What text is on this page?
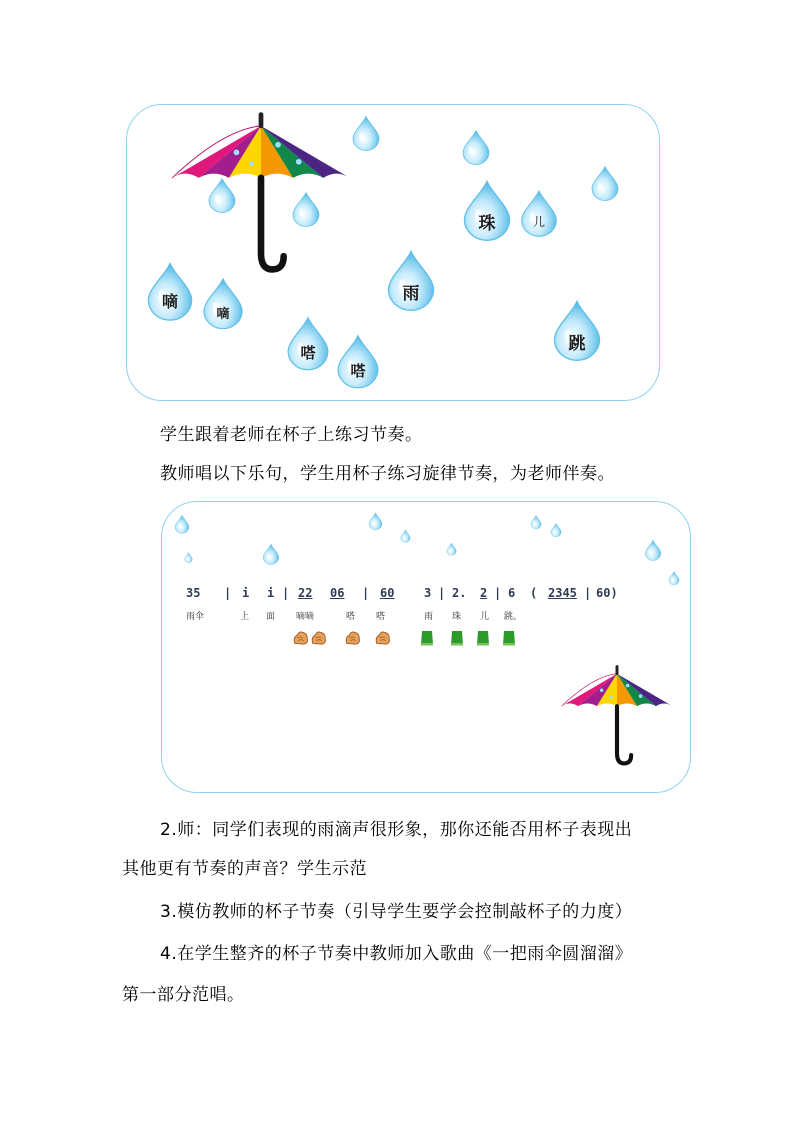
珠	儿
雨
嘀
嘀
跳
嗒
嗒
学生跟着老师在杯子上练习节奏。
教师唱以下乐句，学生用杯子练习旋律节奏，为老师伴奏。
35 | i i | 22 06 | 60 3 | 2. 2 | 6 ( 2345 | 60)
雨伞	上 面 嘀嘀	嗒 嗒	雨 珠 儿 跳。
2.师：同学们表现的雨滴声很形象，那你还能否用杯子表现出
其他更有节奏的声音？学生示范
3.模仿教师的杯子节奏（引导学生要学会控制敲杯子的力度）
4.在学生整齐的杯子节奏中教师加入歌曲《一把雨伞圆溜溜》
第一部分范唱。
